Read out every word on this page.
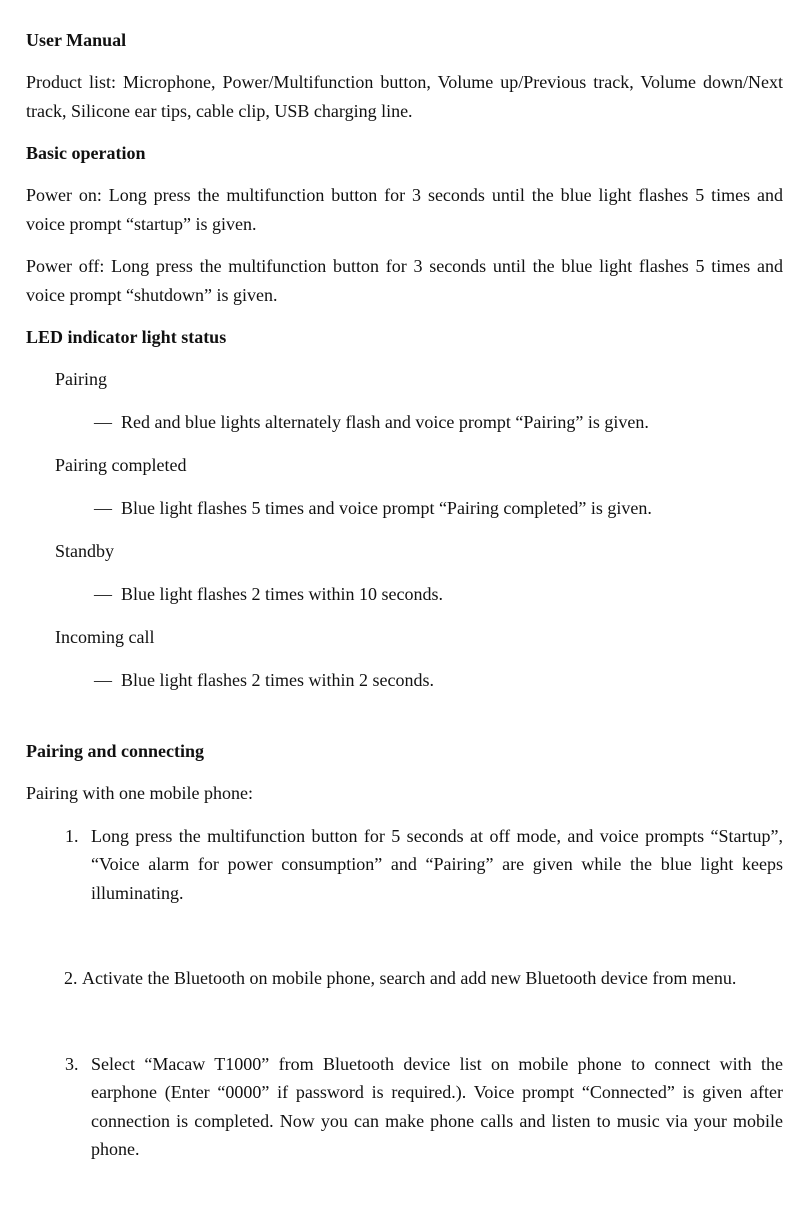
User Manual
Product list: Microphone, Power/Multifunction button, Volume up/Previous track, Volume down/Next track, Silicone ear tips, cable clip, USB charging line.
Basic operation
Power on: Long press the multifunction button for 3 seconds until the blue light flashes 5 times and voice prompt “startup” is given.
Power off: Long press the multifunction button for 3 seconds until the blue light flashes 5 times and voice prompt “shutdown” is given.
LED indicator light status
Pairing
— Red and blue lights alternately flash and voice prompt “Pairing” is given.
Pairing completed
— Blue light flashes 5 times and voice prompt “Pairing completed” is given.
Standby
— Blue light flashes 2 times within 10 seconds.
Incoming call
— Blue light flashes 2 times within 2 seconds.
Pairing and connecting
Pairing with one mobile phone:
1. Long press the multifunction button for 5 seconds at off mode, and voice prompts “Startup”, “Voice alarm for power consumption” and “Pairing” are given while the blue light keeps illuminating.
2. Activate the Bluetooth on mobile phone, search and add new Bluetooth device from menu.
3. Select “Macaw T1000” from Bluetooth device list on mobile phone to connect with the earphone (Enter “0000” if password is required.). Voice prompt “Connected” is given after connection is completed. Now you can make phone calls and listen to music via your mobile phone.
